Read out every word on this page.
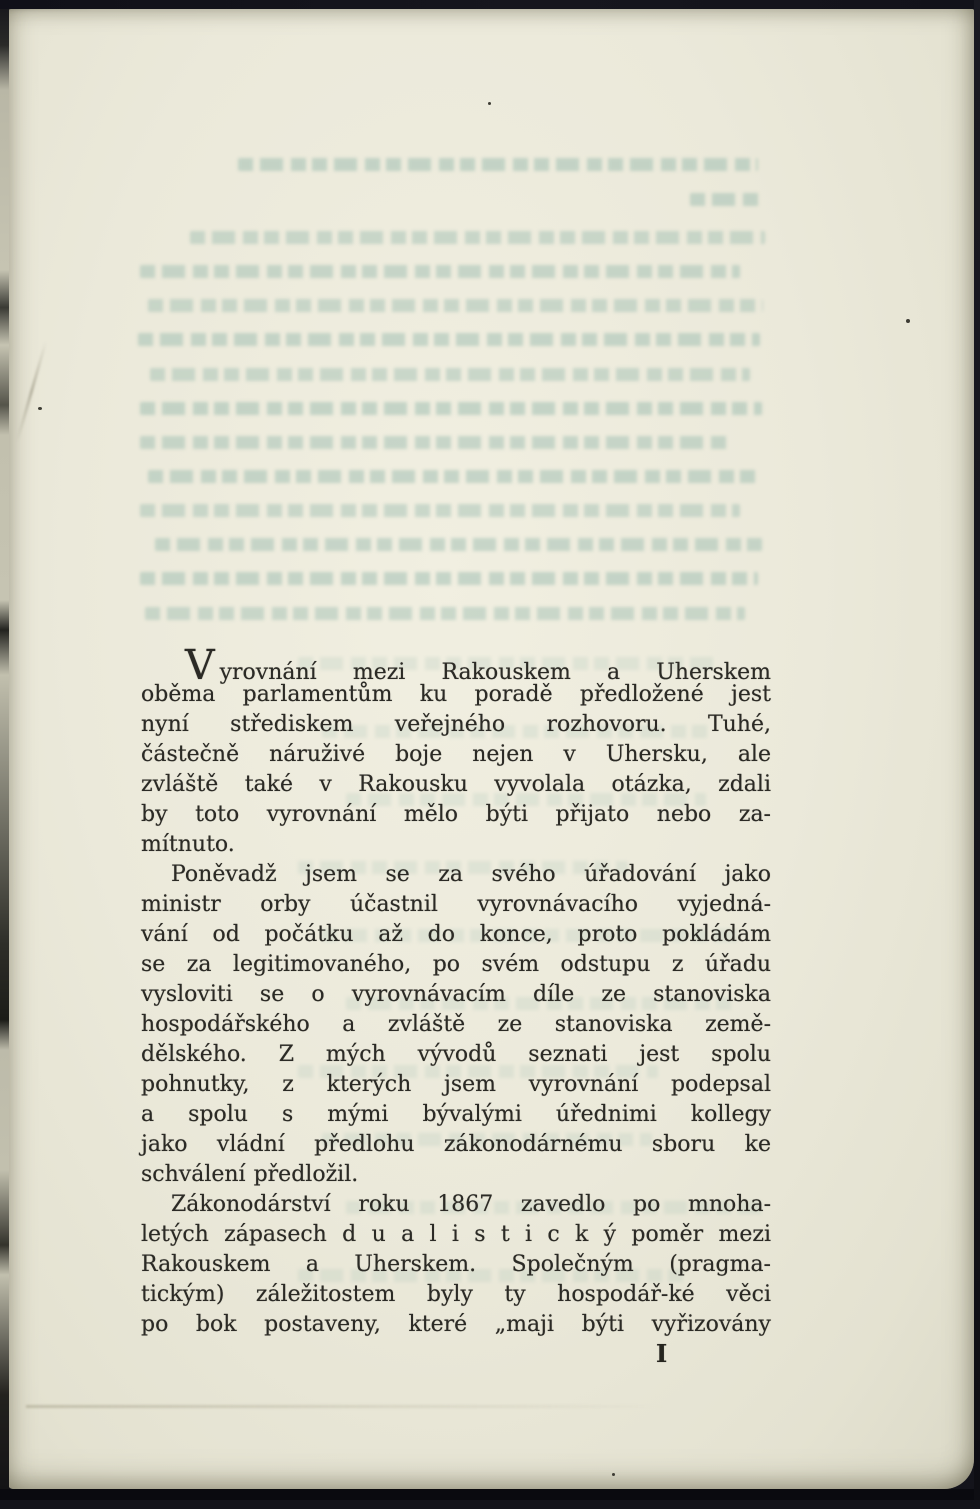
Vyrovnání mezi Rakouskem a Uherskem
oběma parlamentům ku poradě předložené jest
nyní střediskem veřejného rozhovoru. Tuhé,
částečně náruživé boje nejen v Uhersku, ale
zvláště také v Rakousku vyvolala otázka, zdali
by toto vyrovnání mělo býti přijato nebo za-
mítnuto.
Poněvadž jsem se za svého úřadování jako
ministr orby účastnil vyrovnávacího vyjedná-
vání od počátku až do konce, proto pokládám
se za legitimovaného, po svém odstupu z úřadu
vysloviti se o vyrovnávacím díle ze stanoviska
hospodářského a zvláště ze stanoviska země-
dělského. Z mých vývodů seznati jest spolu
pohnutky, z kterých jsem vyrovnání podepsal
a spolu s mými bývalými úřednimi kollegy
jako vládní předlohu zákonodárnému sboru ke
schválení předložil.
Zákonodárství roku 1867 zavedlo po mnoha-
letých zápasech d u a l i s t i c k ý poměr mezi
Rakouskem a Uherskem. Společným (pragma-
tickým) záležitostem byly ty hospodář-ké věci
po bok postaveny, které „maji býti vyřizovány
I
